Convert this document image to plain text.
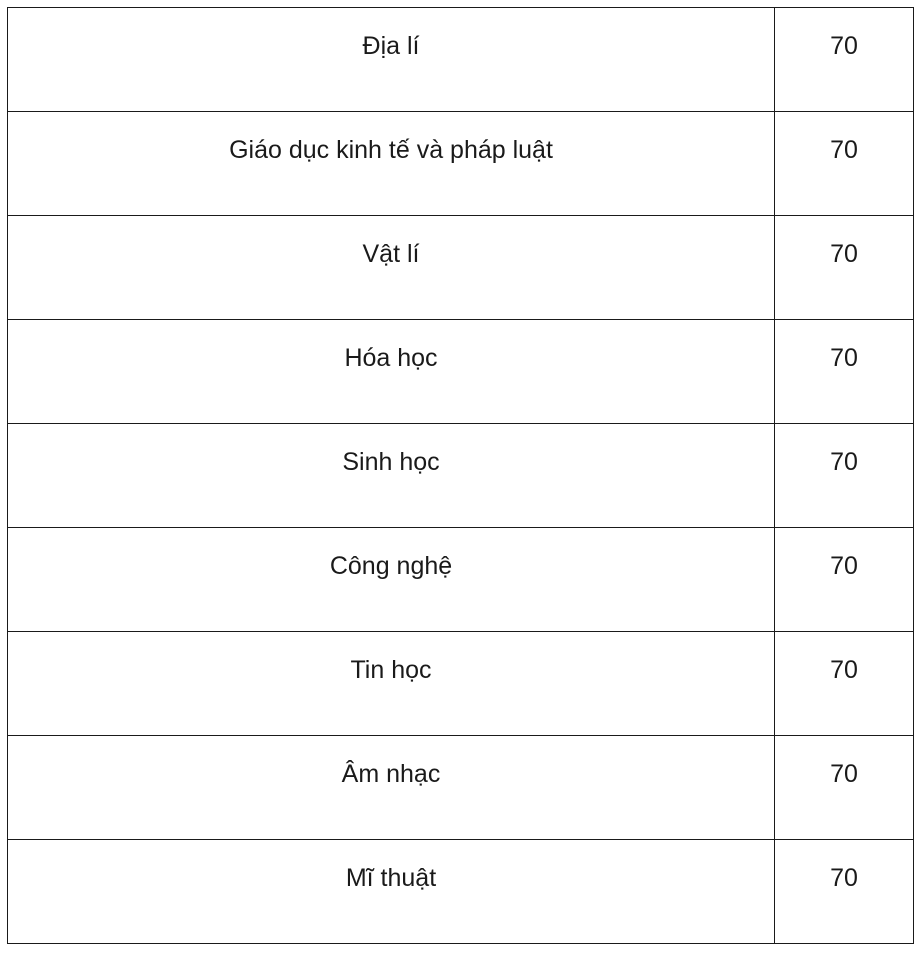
Địa lí	70

Giáo dục kinh tế và pháp luật	70

Vật lí	70

Hóa học	70

Sinh học	70

Công nghệ	70

Tin học	70

Âm nhạc	70

Mĩ thuật	70
